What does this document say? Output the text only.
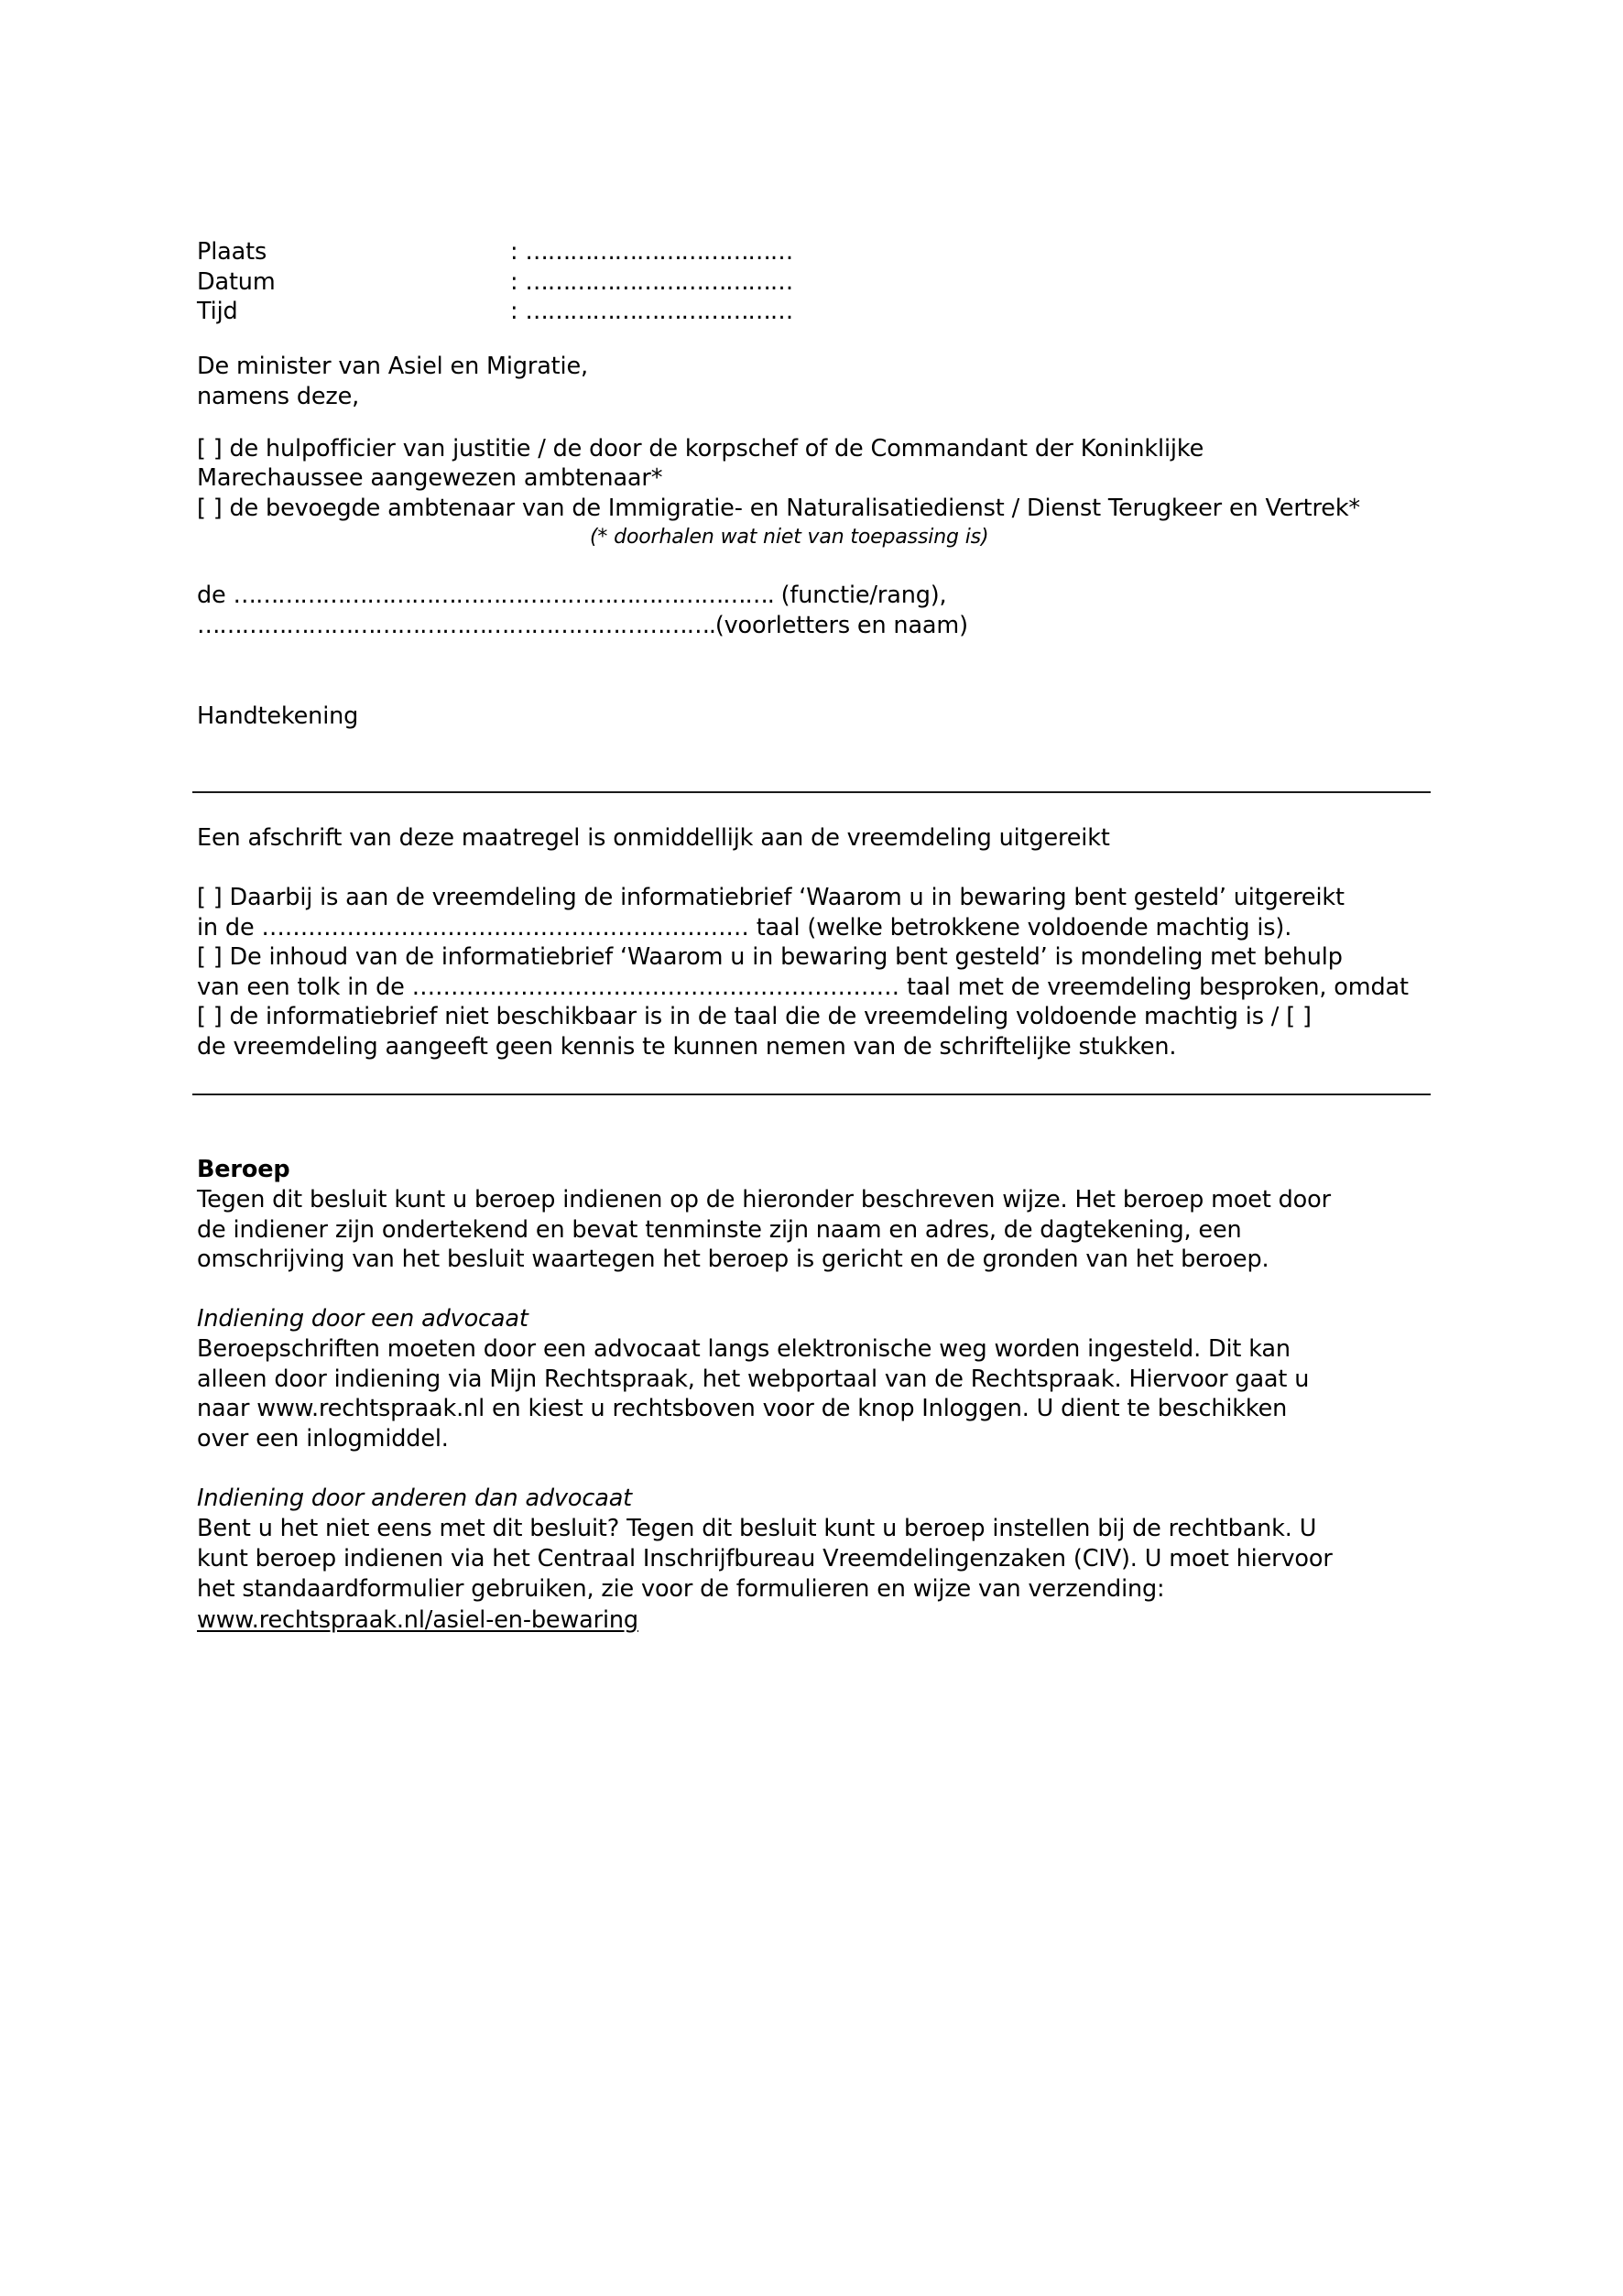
Plaats	: ………………………………
Datum	: ………………………………
Tijd	: ………………………………
De minister van Asiel en Migratie,
namens deze,
[ ] de hulpofficier van justitie / de door de korpschef of de Commandant der Koninklijke
Marechaussee aangewezen ambtenaar*
[ ] de bevoegde ambtenaar van de Immigratie- en Naturalisatiedienst / Dienst Terugkeer en Vertrek*
(* doorhalen wat niet van toepassing is)
de ………………………………………………………………. (functie/rang),
…………………………………………………………….(voorletters en naam)
Handtekening
Een afschrift van deze maatregel is onmiddellijk aan de vreemdeling uitgereikt
[ ] Daarbij is aan de vreemdeling de informatiebrief ‘Waarom u in bewaring bent gesteld’ uitgereikt
in de ……………………………………………………… taal (welke betrokkene voldoende machtig is).
[ ] De inhoud van de informatiebrief ‘Waarom u in bewaring bent gesteld’ is mondeling met behulp
van een tolk in de ……………………………………………………… taal met de vreemdeling besproken, omdat
[ ] de informatiebrief niet beschikbaar is in de taal die de vreemdeling voldoende machtig is / [ ]
de vreemdeling aangeeft geen kennis te kunnen nemen van de schriftelijke stukken.
Beroep
Tegen dit besluit kunt u beroep indienen op de hieronder beschreven wijze. Het beroep moet door
de indiener zijn ondertekend en bevat tenminste zijn naam en adres, de dagtekening, een
omschrijving van het besluit waartegen het beroep is gericht en de gronden van het beroep.
Indiening door een advocaat
Beroepschriften moeten door een advocaat langs elektronische weg worden ingesteld. Dit kan
alleen door indiening via Mijn Rechtspraak, het webportaal van de Rechtspraak. Hiervoor gaat u
naar www.rechtspraak.nl en kiest u rechtsboven voor de knop Inloggen. U dient te beschikken
over een inlogmiddel.
Indiening door anderen dan advocaat
Bent u het niet eens met dit besluit? Tegen dit besluit kunt u beroep instellen bij de rechtbank. U
kunt beroep indienen via het Centraal Inschrijfbureau Vreemdelingenzaken (CIV). U moet hiervoor
het standaardformulier gebruiken, zie voor de formulieren en wijze van verzending:
www.rechtspraak.nl/asiel-en-bewaring
